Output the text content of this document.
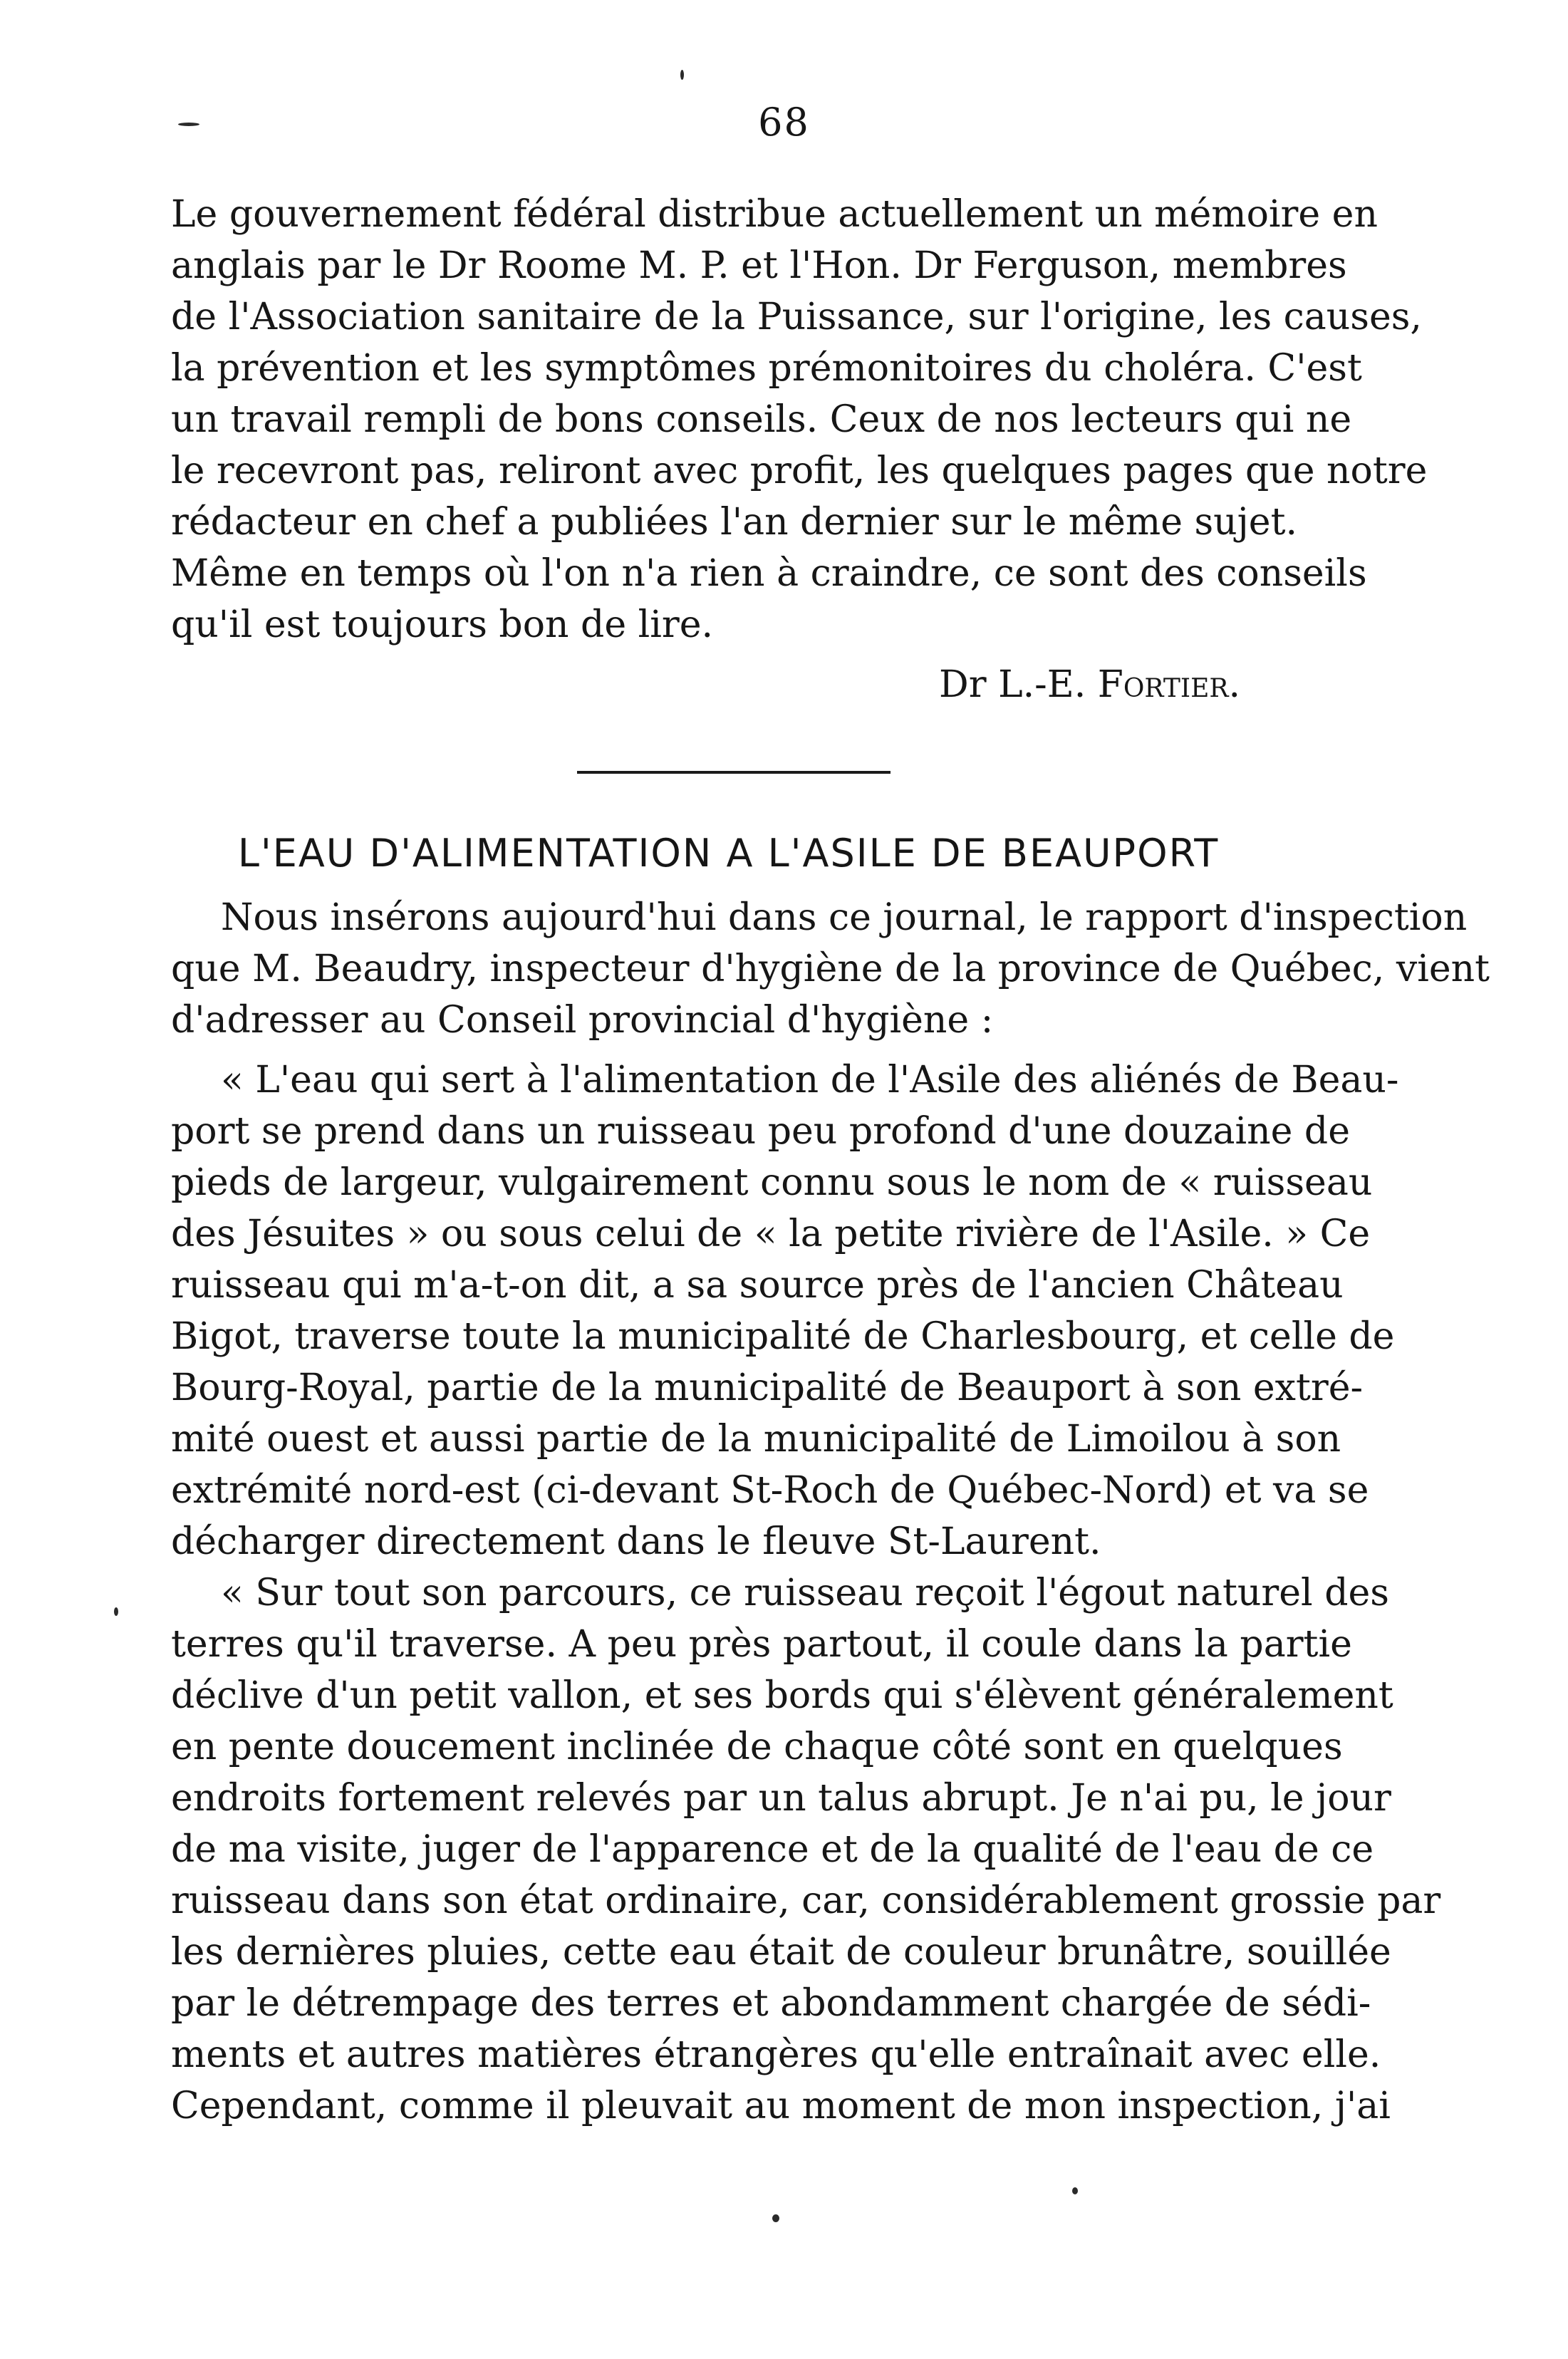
68
Le gouvernement fédéral distribue actuellement un mémoire en
anglais par le Dr Roome M. P. et l'Hon. Dr Ferguson, membres
de l'Association sanitaire de la Puissance, sur l'origine, les causes,
la prévention et les symptômes prémonitoires du choléra. C'est
un travail rempli de bons conseils. Ceux de nos lecteurs qui ne
le recevront pas, reliront avec profit, les quelques pages que notre
rédacteur en chef a publiées l'an dernier sur le même sujet.
Même en temps où l'on n'a rien à craindre, ce sont des conseils
qu'il est toujours bon de lire.
Dr L.-E. Fortier.
L'EAU D'ALIMENTATION A L'ASILE DE BEAUPORT
Nous insérons aujourd'hui dans ce journal, le rapport d'inspection
que M. Beaudry, inspecteur d'hygiène de la province de Québec, vient
d'adresser au Conseil provincial d'hygiène :
« L'eau qui sert à l'alimentation de l'Asile des aliénés de Beau-
port se prend dans un ruisseau peu profond d'une douzaine de
pieds de largeur, vulgairement connu sous le nom de « ruisseau
des Jésuites » ou sous celui de « la petite rivière de l'Asile. » Ce
ruisseau qui m'a-t-on dit, a sa source près de l'ancien Château
Bigot, traverse toute la municipalité de Charlesbourg, et celle de
Bourg-Royal, partie de la municipalité de Beauport à son extré-
mité ouest et aussi partie de la municipalité de Limoilou à son
extrémité nord-est (ci-devant St-Roch de Québec-Nord) et va se
décharger directement dans le fleuve St-Laurent.
« Sur tout son parcours, ce ruisseau reçoit l'égout naturel des
terres qu'il traverse. A peu près partout, il coule dans la partie
déclive d'un petit vallon, et ses bords qui s'élèvent généralement
en pente doucement inclinée de chaque côté sont en quelques
endroits fortement relevés par un talus abrupt. Je n'ai pu, le jour
de ma visite, juger de l'apparence et de la qualité de l'eau de ce
ruisseau dans son état ordinaire, car, considérablement grossie par
les dernières pluies, cette eau était de couleur brunâtre, souillée
par le détrempage des terres et abondamment chargée de sédi-
ments et autres matières étrangères qu'elle entraînait avec elle.
Cependant, comme il pleuvait au moment de mon inspection, j'ai
